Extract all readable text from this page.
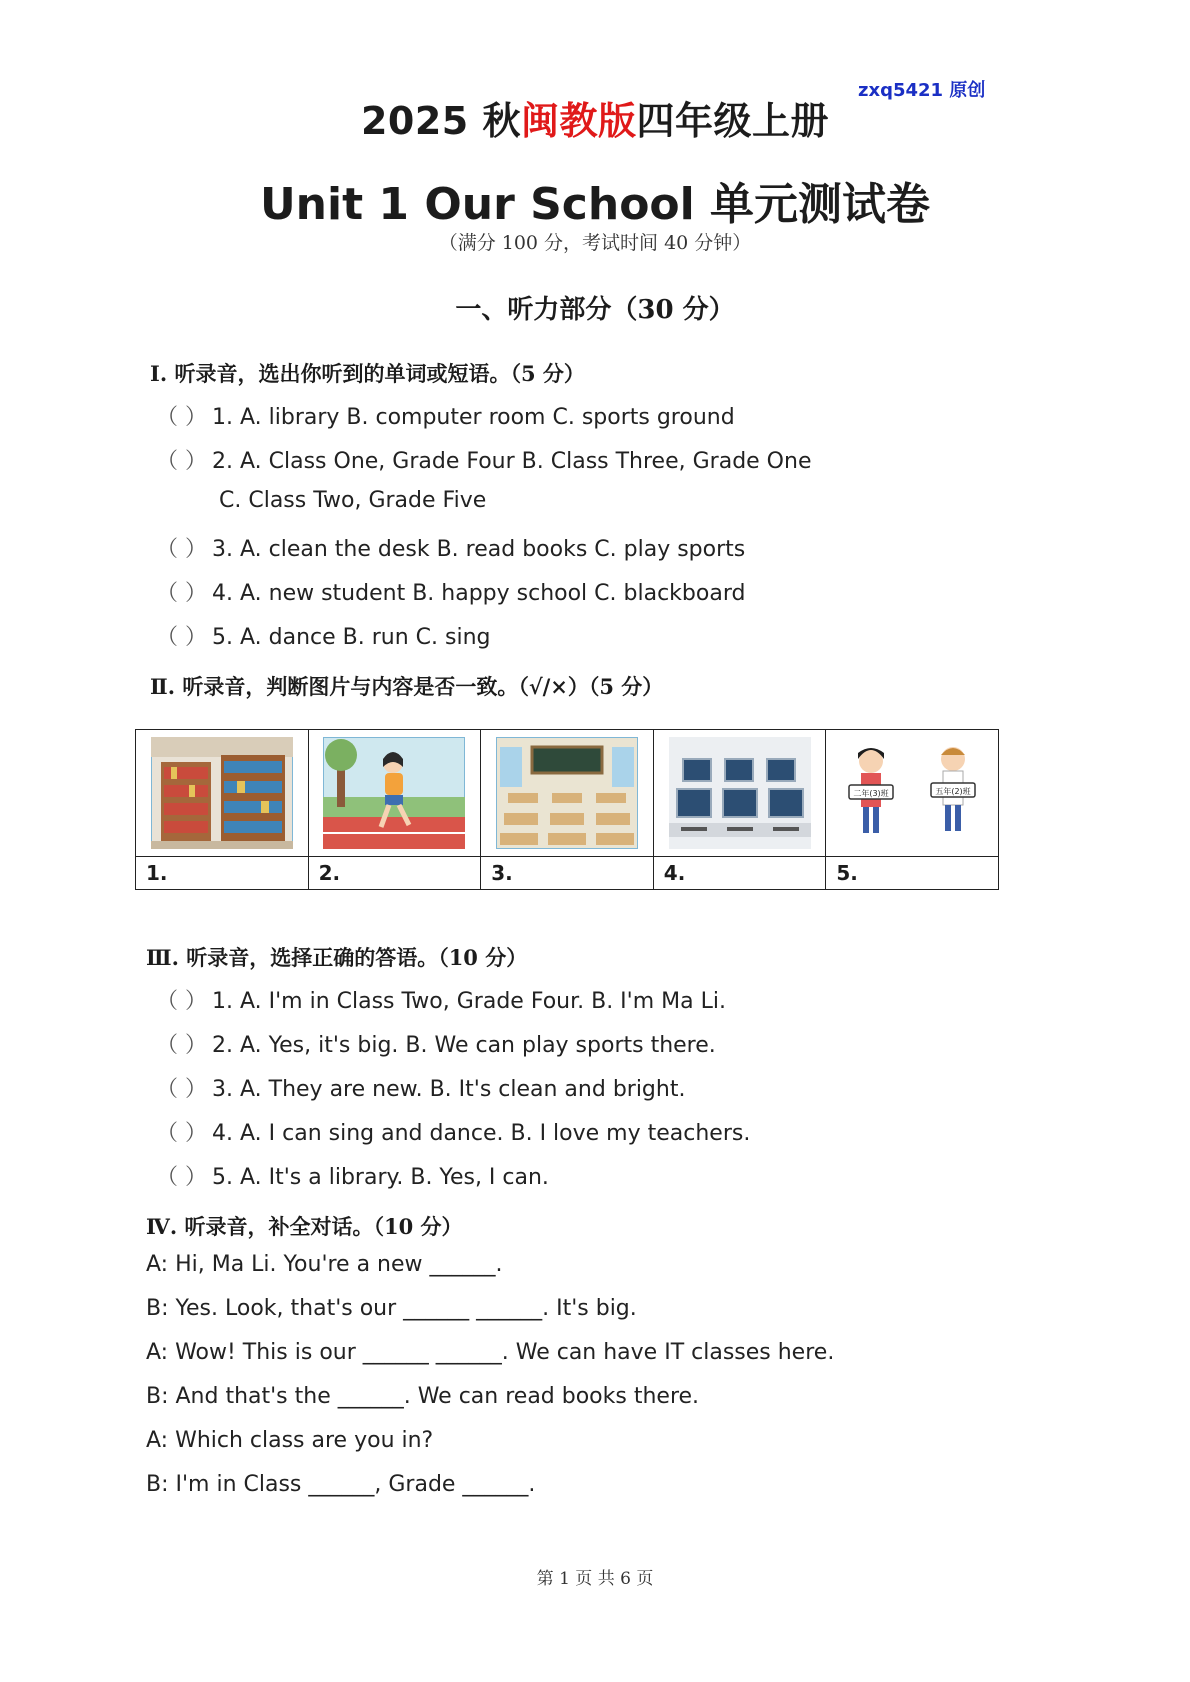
zxq5421 原创
2025 秋闽教版四年级上册
Unit 1 Our School 单元测试卷
（满分 100 分，考试时间 40 分钟）
一、听力部分（30 分）
Ⅰ. 听录音，选出你听到的单词或短语。（5 分）
（ ） 1. A. library B. computer room C. sports ground
（ ） 2. A. Class One, Grade Four B. Class Three, Grade One
C. Class Two, Grade Five
（ ） 3. A. clean the desk B. read books C. play sports
（ ） 4. A. new student B. happy school C. blackboard
（ ） 5. A. dance B. run C. sing
Ⅱ. 听录音，判断图片与内容是否一致。（√/×）（5 分）

二年(3)班 五年(2)班

1.	2.	3.	4.	5.
Ⅲ. 听录音，选择正确的答语。（10 分）
（ ） 1. A. I'm in Class Two, Grade Four. B. I'm Ma Li.
（ ） 2. A. Yes, it's big. B. We can play sports there.
（ ） 3. A. They are new. B. It's clean and bright.
（ ） 4. A. I can sing and dance. B. I love my teachers.
（ ） 5. A. It's a library. B. Yes, I can.
Ⅳ. 听录音，补全对话。（10 分）
A: Hi, Ma Li. You're a new ______.
B: Yes. Look, that's our ______ ______. It's big.
A: Wow! This is our ______ ______. We can have IT classes here.
B: And that's the ______. We can read books there.
A: Which class are you in?
B: I'm in Class ______, Grade ______.
第 1 页 共 6 页
